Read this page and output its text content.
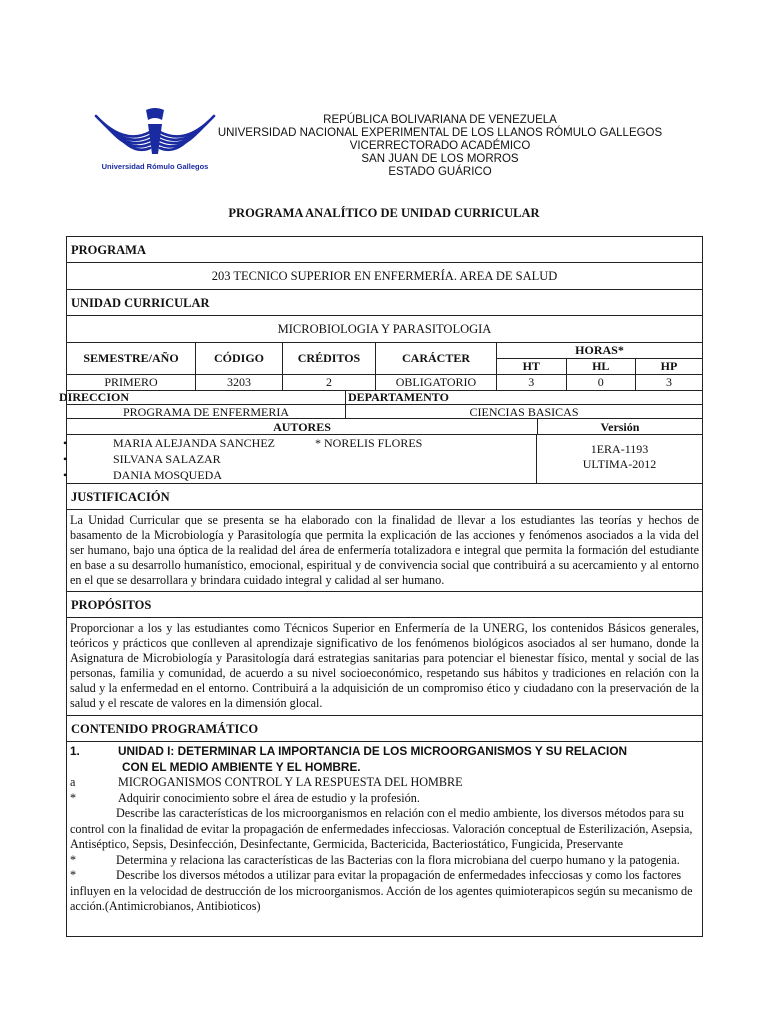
Universidad Rómulo Gallegos
REPÚBLICA BOLIVARIANA DE VENEZUELA
UNIVERSIDAD NACIONAL EXPERIMENTAL DE LOS LLANOS RÓMULO GALLEGOS
VICERRECTORADO ACADÉMICO
SAN JUAN DE LOS MORROS
ESTADO GUÁRICO
PROGRAMA ANALÍTICO DE UNIDAD CURRICULAR
PROGRAMA
203 TECNICO SUPERIOR EN ENFERMERÍA. AREA DE SALUD
UNIDAD CURRICULAR
MICROBIOLOGIA Y PARASITOLOGIA
SEMESTRE/AÑO	CÓDIGO	CRÉDITOS	CARÁCTER	HORAS*		
				HT	HL	HP
PRIMERO	3203	2	OBLIGATORIO	3	0	3
DIRECCION	DEPARTAMENTO
PROGRAMA DE ENFERMERIA	CIENCIAS BASICAS
AUTORES	Versión
• MARIA ALEJANDA SANCHEZ	* NORELIS FLORES
• SILVANA SALAZAR
• DANIA MOSQUEDA
1ERA-1193
ULTIMA-2012
JUSTIFICACIÓN
La Unidad Curricular que se presenta se ha elaborado con la finalidad de llevar a los estudiantes las teorías y hechos de basamento de la Microbiología y Parasitología que permita la explicación de las acciones y fenómenos asociados a la vida del ser humano, bajo una óptica de la realidad del área de enfermería totalizadora e integral que permita la formación del estudiante en base a su desarrollo humanístico, emocional, espiritual y de convivencia social que contribuirá a su acercamiento y al entorno en el que se desarrollara y brindara cuidado integral y calidad al ser humano.
PROPÓSITOS
Proporcionar a los y las estudiantes como Técnicos Superior en Enfermería de la UNERG, los contenidos Básicos generales, teóricos y prácticos que conlleven al aprendizaje significativo de los fenómenos biológicos asociados al ser humano, donde la Asignatura de Microbiología y Parasitología dará estrategias sanitarias para potenciar el bienestar físico, mental y social de las personas, familia y comunidad, de acuerdo a su nivel socioeconómico, respetando sus hábitos y tradiciones en relación con la salud y la enfermedad en el entorno. Contribuirá a la adquisición de un compromiso ético y ciudadano con la preservación de la salud y el rescate de valores en la dimensión glocal.
CONTENIDO PROGRAMÁTICO
1.	UNIDAD I: DETERMINAR LA IMPORTANCIA DE LOS MICROORGANISMOS Y SU RELACION
CON EL MEDIO AMBIENTE Y EL HOMBRE.
a	MICROGANISMOS CONTROL Y LA RESPUESTA DEL HOMBRE
*	Adquirir conocimiento sobre el área de estudio y la profesión.
Describe las características de los microorganismos en relación con el medio ambiente, los diversos métodos para su control con la finalidad de evitar la propagación de enfermedades infecciosas. Valoración conceptual de Esterilización, Asepsia, Antiséptico, Sepsis, Desinfección, Desinfectante, Germicida, Bactericida, Bacteriostático, Fungicida, Preservante
*	Determina y relaciona las características de las Bacterias con la flora microbiana del cuerpo humano y la patogenia.
*	Describe los diversos métodos a utilizar para evitar la propagación de enfermedades infecciosas y como los factores influyen en la velocidad de destrucción de los microorganismos. Acción de los agentes quimioterapicos según su mecanismo de acción.(Antimicrobianos, Antibioticos)
